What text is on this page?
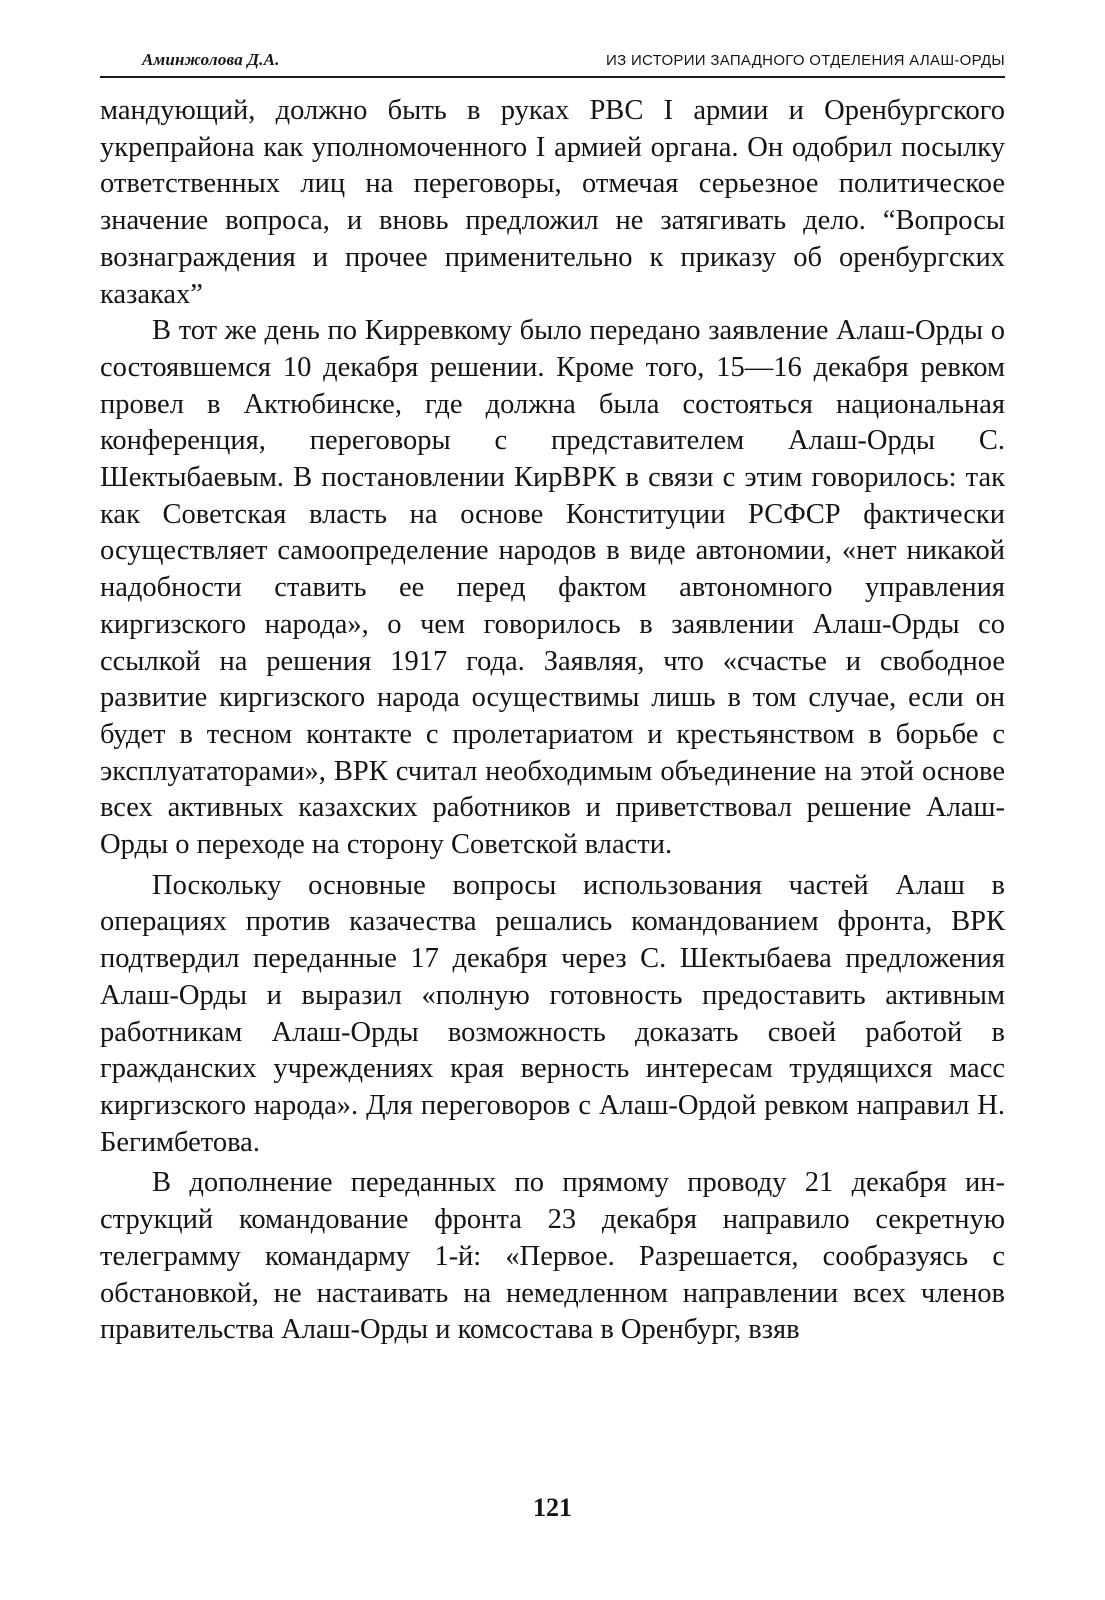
Аминжолова Д.А.	ИЗ ИСТОРИИ ЗАПАДНОГО ОТДЕЛЕНИЯ АЛАШ-ОРДЫ

мандующий, должно быть в руках РВС I армии и Оренбургского укрепрайона как уполномоченного I армией органа. Он одобрил посылку ответственных лиц на переговоры, отмечая серьезное политическое значение вопроса, и вновь предложил не затягивать дело. “Вопросы вознаграждения и прочее применительно к приказу об оренбургских казаках”

В тот же день по Кирревкому было передано заявление Алаш-Орды о состоявшемся 10 декабря решении. Кроме того, 15—16 декабря ревком провел в Актюбинске, где должна была состояться национальная конференция, переговоры с представителем Алаш-Орды С. Шектыбаевым. В постановлении КирВРК в связи с этим говорилось: так как Советская власть на основе Конституции РСФСР фактически осуществляет самоопределение народов в виде автономии, «нет никакой надобности ставить ее перед фактом автономного управления киргизского народа», о чем говорилось в заявлении Алаш-Орды со ссылкой на решения 1917 года. Заявляя, что «счастье и свободное развитие киргизского народа осуществимы лишь в том случае, если он будет в тесном контакте с пролетариатом и крестьянством в борьбе с эксплуататорами», ВРК считал необходимым объединение на этой основе всех активных казахских работников и приветствовал решение Алаш-Орды о переходе на сторону Советской власти.

Поскольку основные вопросы использования частей Алаш в операциях против казачества решались командованием фронта, ВРК подтвердил переданные 17 декабря через С. Шектыбаева предложения Алаш-Орды и выразил «полную готовность предоставить активным работникам Алаш-Орды возможность доказать своей работой в гражданских учреждениях края верность интересам трудящихся масс киргизского народа». Для переговоров с Алаш-Ордой ревком направил Н. Бегимбетова.

В дополнение переданных по прямому проводу 21 декабря инструкций командование фронта 23 декабря направило секретную телеграмму командарму 1-й: «Первое. Разрешается, сообразуясь с обстановкой, не настаивать на немедленном направлении всех членов правительства Алаш-Орды и комсостава в Оренбург, взяв

121
